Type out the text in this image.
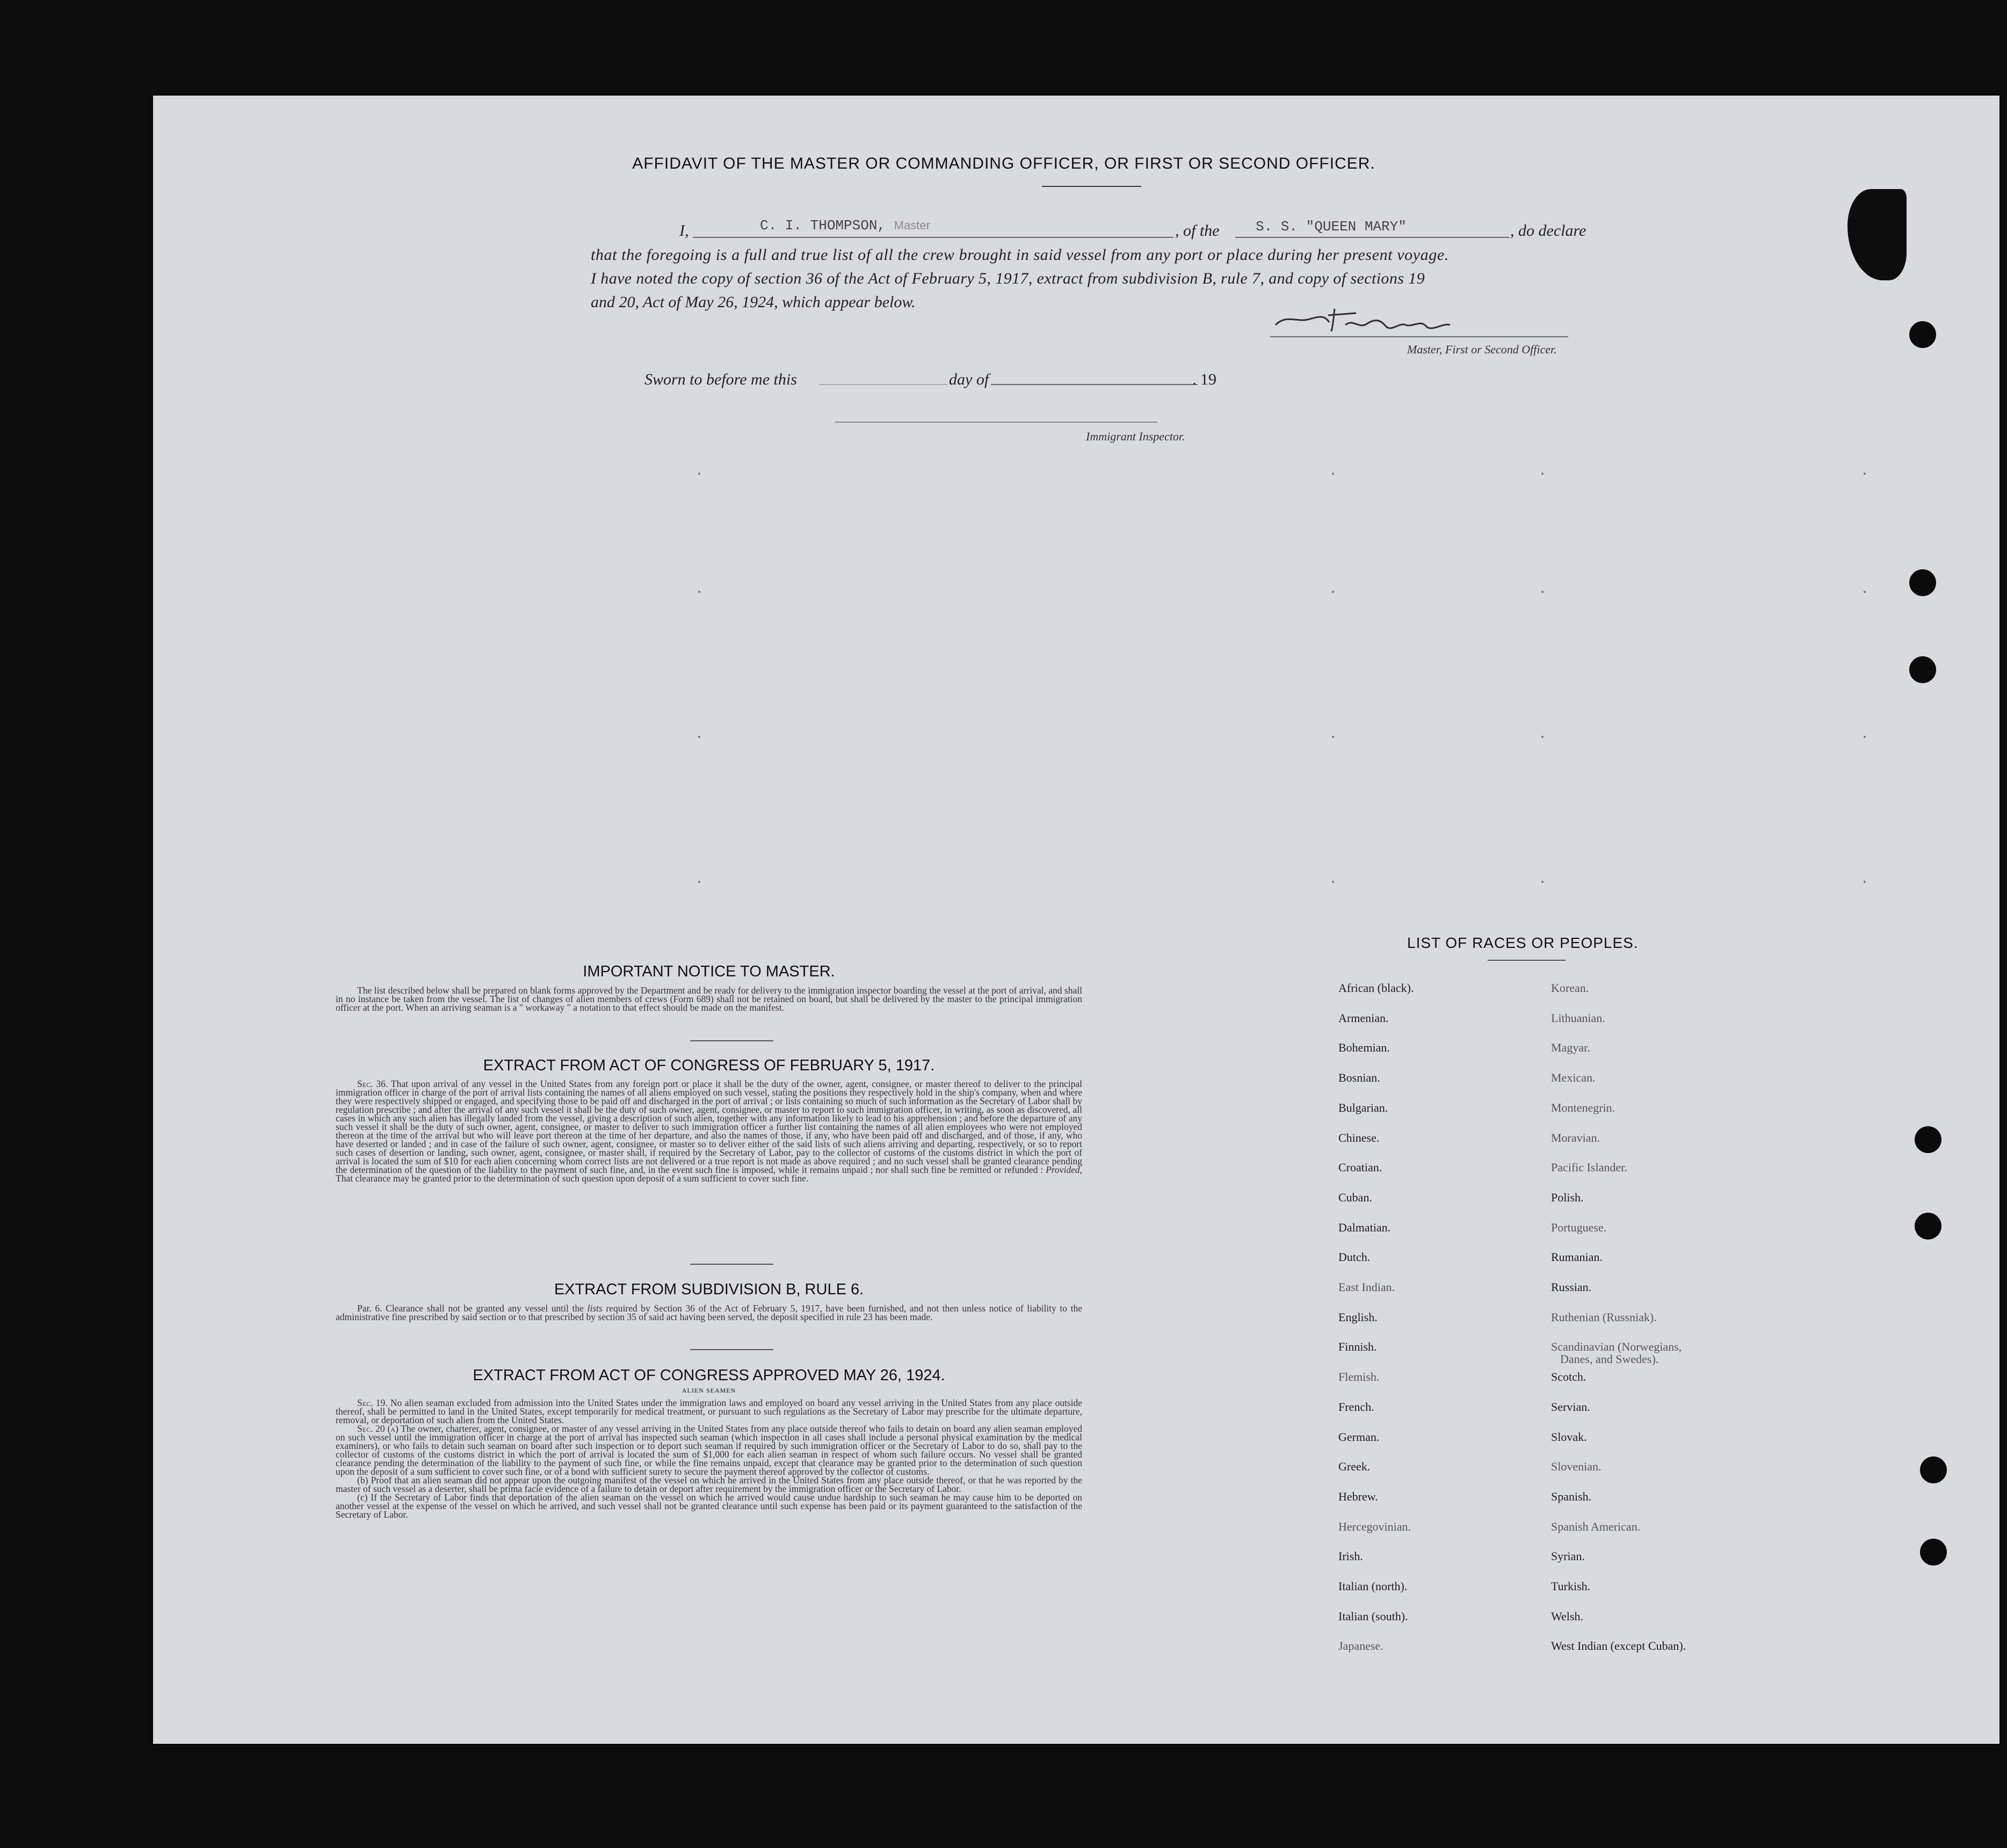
AFFIDAVIT OF THE MASTER OR COMMANDING OFFICER, OR FIRST OR SECOND OFFICER.
I,	C. I. THOMPSON, Master	, of the	S. S. "QUEEN MARY"	, do declare
that the foregoing is a full and true list of all the crew brought in said vessel from any port or place during her present voyage.
I have noted the copy of section 36 of the Act of February 5, 1917, extract from subdivision B, rule 7, and copy of sections 19
and 20, Act of May 26, 1924, which appear below.
Master, First or Second Officer.
Sworn to before me this	day of	. 19
Immigrant Inspector.
IMPORTANT NOTICE TO MASTER.

The list described below shall be prepared on blank forms approved by the Department and be ready for delivery to the immigration inspector boarding the vessel at the port of arrival, and shall in no instance be taken from the vessel. The list of changes of alien members of crews (Form 689) shall not be retained on board, but shall be delivered by the master to the principal immigration officer at the port. When an arriving seaman is a " workaway " a notation to that effect should be made on the manifest.

EXTRACT FROM ACT OF CONGRESS OF FEBRUARY 5, 1917.

Sec. 36. That upon arrival of any vessel in the United States from any foreign port or place it shall be the duty of the owner, agent, consignee, or master thereof to deliver to the principal immigration officer in charge of the port of arrival lists containing the names of all aliens employed on such vessel, stating the positions they respectively hold in the ship's company, when and where they were respectively shipped or engaged, and specifying those to be paid off and discharged in the port of arrival ; or lists containing so much of such information as the Secretary of Labor shall by regulation prescribe ; and after the arrival of any such vessel it shall be the duty of such owner, agent, consignee, or master to report to such immigration officer, in writing, as soon as discovered, all cases in which any such alien has illegally landed from the vessel, giving a description of such alien, together with any information likely to lead to his apprehension ; and before the departure of any such vessel it shall be the duty of such owner, agent, consignee, or master to deliver to such immigration officer a further list containing the names of all alien employees who were not employed thereon at the time of the arrival but who will leave port thereon at the time of her departure, and also the names of those, if any, who have been paid off and discharged, and of those, if any, who have deserted or landed ; and in case of the failure of such owner, agent, consignee, or master so to deliver either of the said lists of such aliens arriving and departing, respectively, or so to report such cases of desertion or landing, such owner, agent, consignee, or master shall, if required by the Secretary of Labor, pay to the collector of customs of the customs district in which the port of arrival is located the sum of $10 for each alien concerning whom correct lists are not delivered or a true report is not made as above required ; and no such vessel shall be granted clearance pending the determination of the question of the liability to the payment of such fine, and, in the event such fine is imposed, while it remains unpaid ; nor shall such fine be remitted or refunded : Provided, That clearance may be granted prior to the determination of such question upon deposit of a sum sufficient to cover such fine.

EXTRACT FROM SUBDIVISION B, RULE 6.

Par. 6. Clearance shall not be granted any vessel until the lists required by Section 36 of the Act of February 5, 1917, have been furnished, and not then unless notice of liability to the administrative fine prescribed by said section or to that prescribed by section 35 of said act having been served, the deposit specified in rule 23 has been made.

EXTRACT FROM ACT OF CONGRESS APPROVED MAY 26, 1924.
ALIEN SEAMEN

Sec. 19. No alien seaman excluded from admission into the United States under the immigration laws and employed on board any vessel arriving in the United States from any place outside thereof, shall be permitted to land in the United States, except temporarily for medical treatment, or pursuant to such regulations as the Secretary of Labor may prescribe for the ultimate departure, removal, or deportation of such alien from the United States.

Sec. 20 (a) The owner, charterer, agent, consignee, or master of any vessel arriving in the United States from any place outside thereof who fails to detain on board any alien seaman employed on such vessel until the immigration officer in charge at the port of arrival has inspected such seaman (which inspection in all cases shall include a personal physical examination by the medical examiners), or who fails to detain such seaman on board after such inspection or to deport such seaman if required by such immigration officer or the Secretary of Labor to do so, shall pay to the collector of customs of the customs district in which the port of arrival is located the sum of $1,000 for each alien seaman in respect of whom such failure occurs. No vessel shall be granted clearance pending the determination of the liability to the payment of such fine, or while the fine remains unpaid, except that clearance may be granted prior to the determination of such question upon the deposit of a sum sufficient to cover such fine, or of a bond with sufficient surety to secure the payment thereof approved by the collector of customs.

(b) Proof that an alien seaman did not appear upon the outgoing manifest of the vessel on which he arrived in the United States from any place outside thereof, or that he was reported by the master of such vessel as a deserter, shall be prima facie evidence of a failure to detain or deport after requirement by the immigration officer or the Secretary of Labor.

(c) If the Secretary of Labor finds that deportation of the alien seaman on the vessel on which he arrived would cause undue hardship to such seaman he may cause him to be deported on another vessel at the expense of the vessel on which he arrived, and such vessel shall not be granted clearance until such expense has been paid or its payment guaranteed to the satisfaction of the Secretary of Labor.

LIST OF RACES OR PEOPLES.
African (black).
Armenian.
Bohemian.
Bosnian.
Bulgarian.
Chinese.
Croatian.
Cuban.
Dalmatian.
Dutch.
East Indian.
English.
Finnish.
Flemish.
French.
German.
Greek.
Hebrew.
Hercegovinian.
Irish.
Italian (north).
Italian (south).
Japanese.
Korean.
Lithuanian.
Magyar.
Mexican.
Montenegrin.
Moravian.
Pacific Islander.
Polish.
Portuguese.
Rumanian.
Russian.
Ruthenian (Russniak).
Scandinavian (Norwegians,
Scotch.
Servian.
Slovak.
Slovenian.
Spanish.
Spanish American.
Syrian.
Turkish.
Welsh.
West Indian (except Cuban).
Danes, and Swedes).
